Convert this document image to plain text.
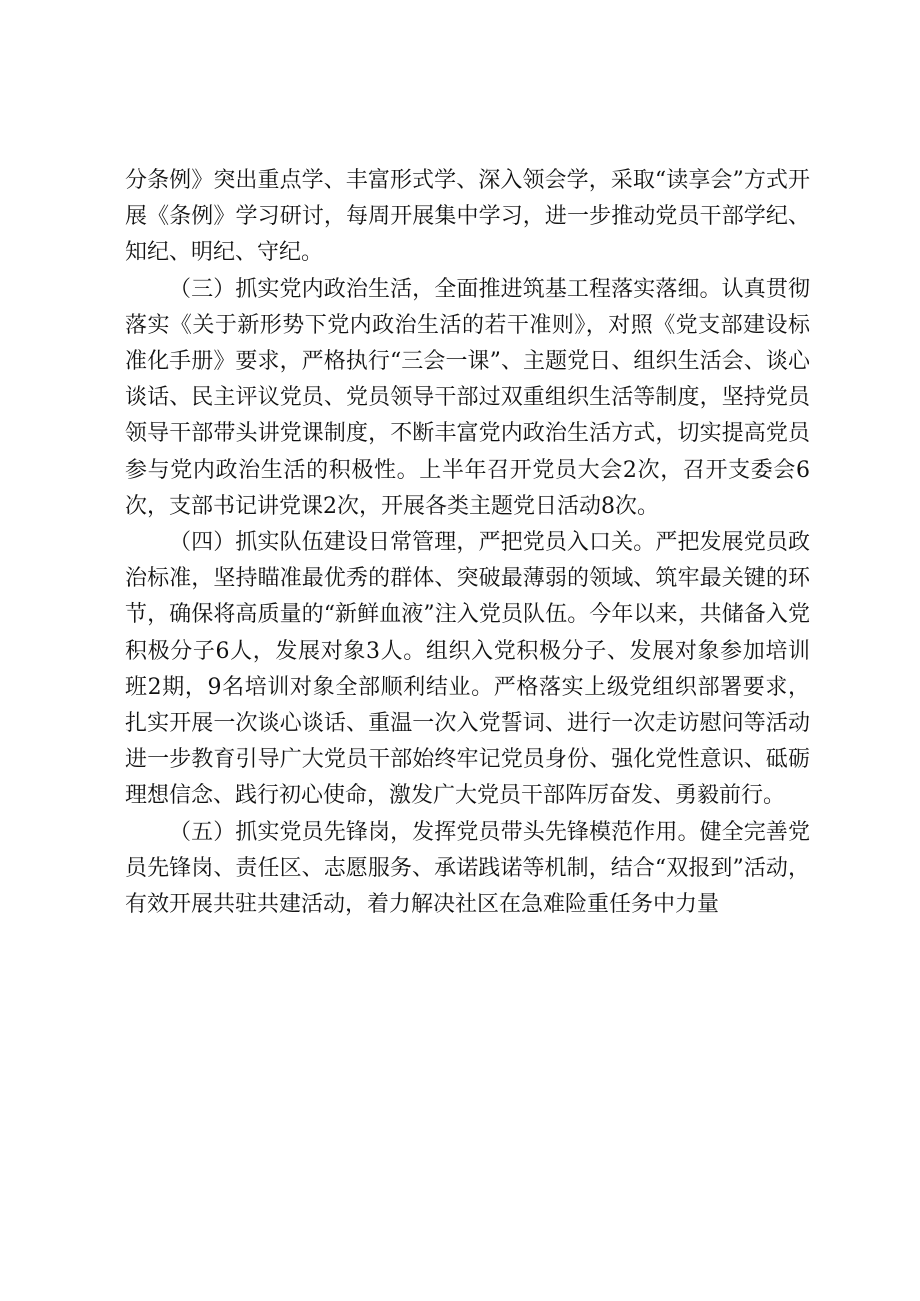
分条例》突出重点学、丰富形式学、深入领会学，采取“读享会”方式开展《条例》学习研讨，每周开展集中学习，进一步推动党员干部学纪、知纪、明纪、守纪。

（三）抓实党内政治生活，全面推进筑基工程落实落细。认真贯彻落实《关于新形势下党内政治生活的若干准则》，对照《党支部建设标准化手册》要求，严格执行“三会一课”、主题党日、组织生活会、谈心谈话、民主评议党员、党员领导干部过双重组织生活等制度，坚持党员领导干部带头讲党课制度，不断丰富党内政治生活方式，切实提高党员参与党内政治生活的积极性。上半年召开党员大会2次，召开支委会6次，支部书记讲党课2次，开展各类主题党日活动8次。

（四）抓实队伍建设日常管理，严把党员入口关。严把发展党员政治标准，坚持瞄准最优秀的群体、突破最薄弱的领域、筑牢最关键的环节，确保将高质量的“新鲜血液”注入党员队伍。今年以来，共储备入党积极分子6人，发展对象3人。组织入党积极分子、发展对象参加培训班2期，9名培训对象全部顺利结业。严格落实上级党组织部署要求，扎实开展一次谈心谈话、重温一次入党誓词、进行一次走访慰问等活动进一步教育引导广大党员干部始终牢记党员身份、强化党性意识、砥砺理想信念、践行初心使命，激发广大党员干部阵厉奋发、勇毅前行。

（五）抓实党员先锋岗，发挥党员带头先锋模范作用。健全完善党员先锋岗、责任区、志愿服务、承诺践诺等机制，结合“双报到”活动，有效开展共驻共建活动，着力解决社区在急难险重任务中力量
